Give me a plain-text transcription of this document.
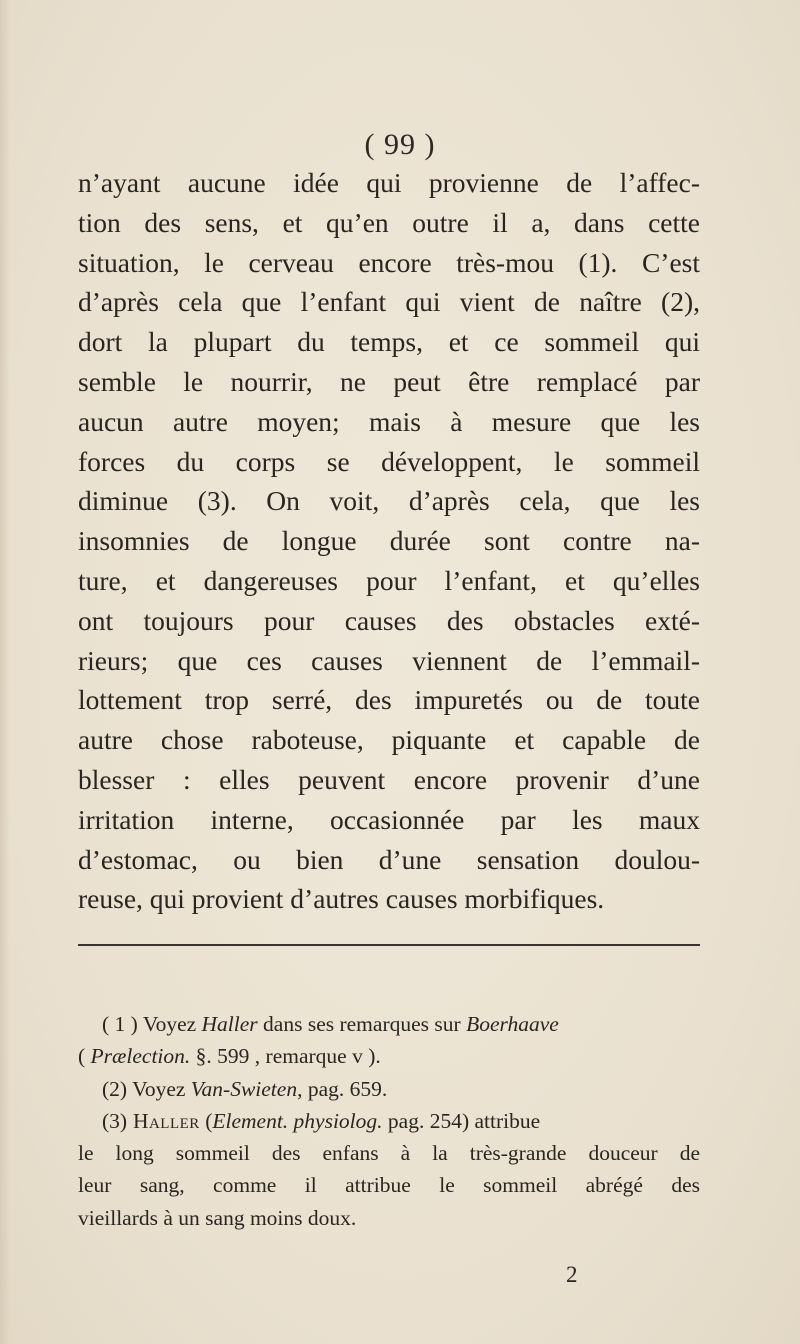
( 99 )
n’ayant aucune idée qui provienne de l’affec-
tion des sens, et qu’en outre il a, dans cette
situation, le cerveau encore très-mou (1). C’est
d’après cela que l’enfant qui vient de naître (2),
dort la plupart du temps, et ce sommeil qui
semble le nourrir, ne peut être remplacé par
aucun autre moyen; mais à mesure que les
forces du corps se développent, le sommeil
diminue (3). On voit, d’après cela, que les
insomnies de longue durée sont contre na-
ture, et dangereuses pour l’enfant, et qu’elles
ont toujours pour causes des obstacles exté-
rieurs; que ces causes viennent de l’emmail-
lottement trop serré, des impuretés ou de toute
autre chose raboteuse, piquante et capable de
blesser : elles peuvent encore provenir d’une
irritation interne, occasionnée par les maux
d’estomac, ou bien d’une sensation doulou-
reuse, qui provient d’autres causes morbifiques.
( 1 ) Voyez Haller dans ses remarques sur Boerhaave
( Prælection. §. 599 , remarque v ).
(2) Voyez Van-Swieten, pag. 659.
(3) Haller (Element. physiolog. pag. 254) attribue
le long sommeil des enfans à la très-grande douceur de
leur sang, comme il attribue le sommeil abrégé des
vieillards à un sang moins doux.
2
